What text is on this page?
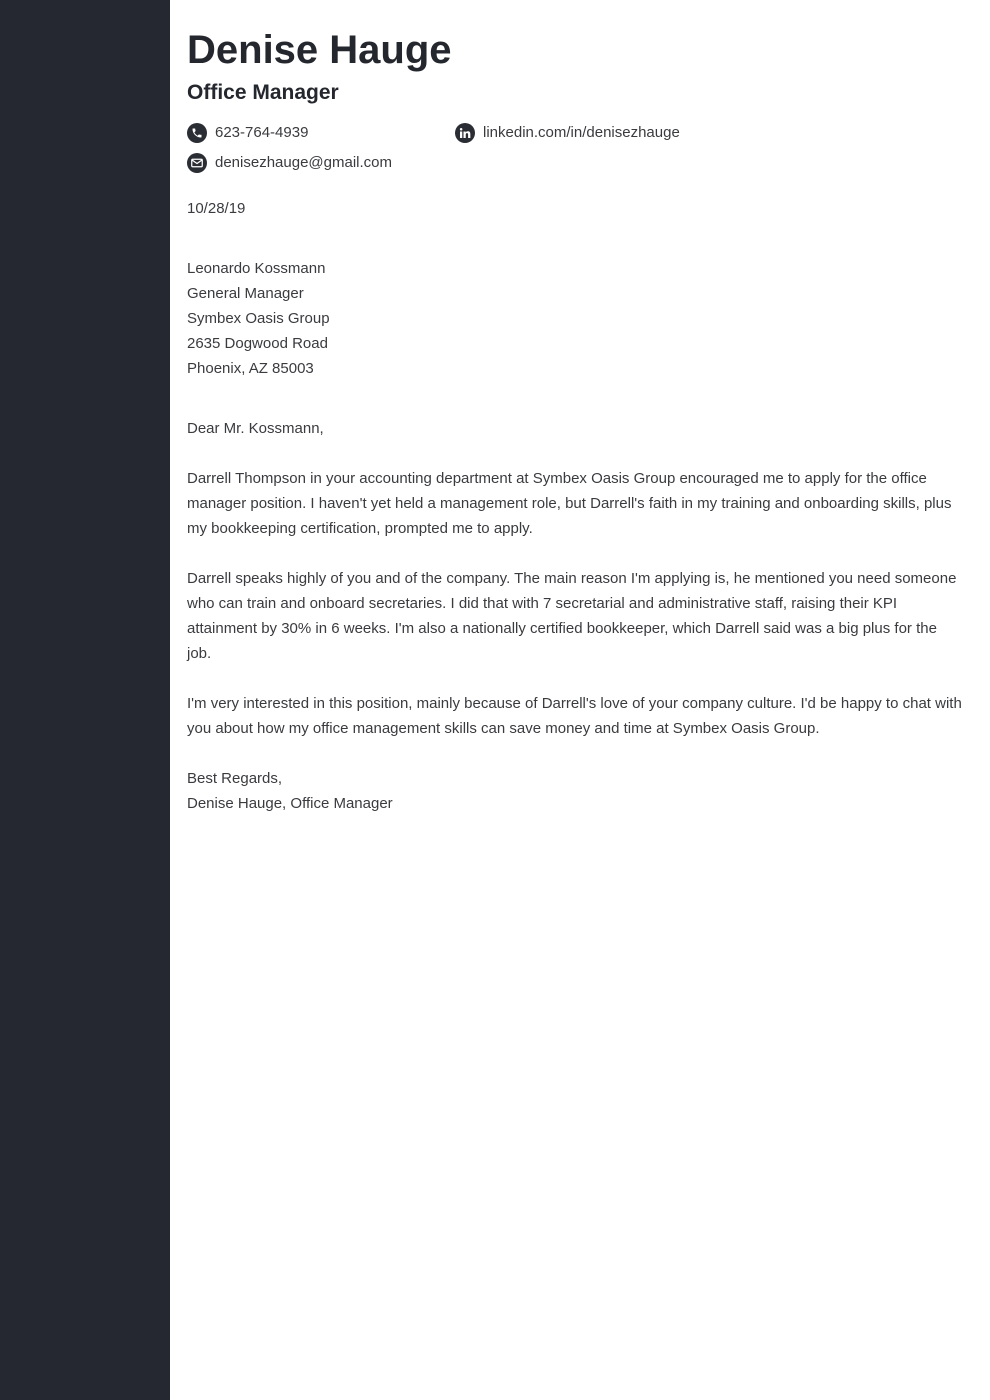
Denise Hauge
Office Manager
623-764-4939
denisezhauge@gmail.com
linkedin.com/in/denisezhauge

10/28/19

Leonardo Kossmann
General Manager
Symbex Oasis Group
2635 Dogwood Road
Phoenix, AZ 85003

Dear Mr. Kossmann,

Darrell Thompson in your accounting department at Symbex Oasis Group encouraged me to apply for the office manager position. I haven't yet held a management role, but Darrell's faith in my training and onboarding skills, plus my bookkeeping certification, prompted me to apply.

Darrell speaks highly of you and of the company. The main reason I'm applying is, he mentioned you need someone who can train and onboard secretaries. I did that with 7 secretarial and administrative staff, raising their KPI attainment by 30% in 6 weeks. I'm also a nationally certified bookkeeper, which Darrell said was a big plus for the job.

I'm very interested in this position, mainly because of Darrell's love of your company culture. I'd be happy to chat with you about how my office management skills can save money and time at Symbex Oasis Group.

Best Regards,
Denise Hauge, Office Manager
